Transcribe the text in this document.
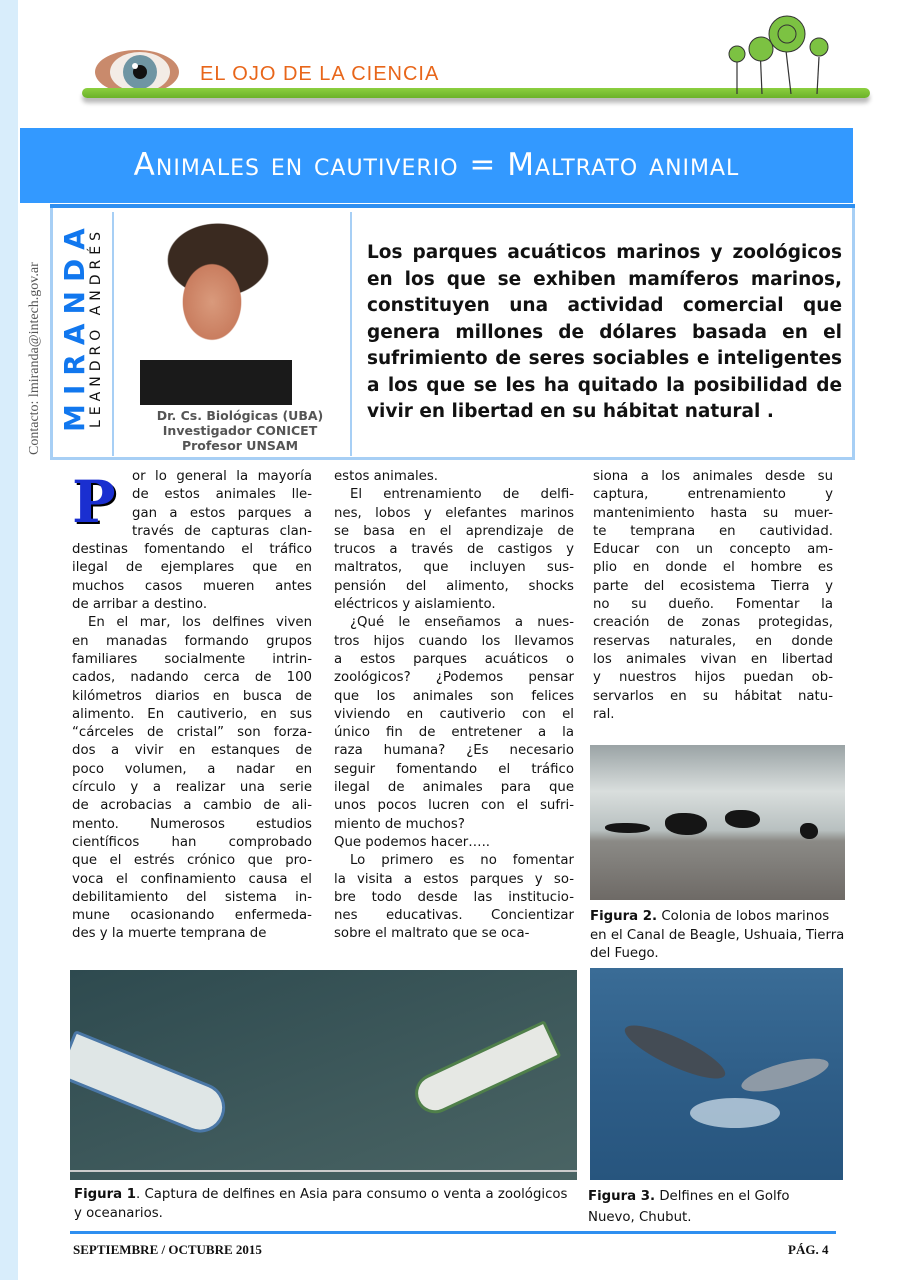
EL OJO DE LA CIENCIA
Animales en cautiverio = Maltrato animal
Contacto: lmiranda@intech.gov.ar MIRANDA
LEANDRO ANDRÉS	Dr. Cs. Biológicas (UBA)
Investigador CONICET
Profesor UNSAM
Los parques acuáticos marinos y zoológicos en los que se exhiben mamíferos marinos, constituyen una actividad comercial que genera millones de dólares basada en el sufrimiento de seres sociables e inteligentes a los que se les ha quitado la posibilidad de vivir en libertad en su hábitat natural .
P or lo general la mayoría
de estos animales lle-
gan a estos parques a
través de capturas clan-
destinas fomentando el tráfico
ilegal de ejemplares que en
muchos casos mueren antes
de arribar a destino.
En el mar, los delfines viven
en manadas formando grupos
familiares socialmente intrin-
cados, nadando cerca de 100
kilómetros diarios en busca de
alimento. En cautiverio, en sus
“cárceles de cristal” son forza-
dos a vivir en estanques de
poco volumen, a nadar en
círculo y a realizar una serie
de acrobacias a cambio de ali-
mento. Numerosos estudios
científicos han comprobado
que el estrés crónico que pro-
voca el confinamiento causa el
debilitamiento del sistema in-
mune ocasionando enfermeda-
des y la muerte temprana de
estos animales.
El entrenamiento de delfi-
nes, lobos y elefantes marinos
se basa en el aprendizaje de
trucos a través de castigos y
maltratos, que incluyen sus-
pensión del alimento, shocks
eléctricos y aislamiento.
¿Qué le enseñamos a nues-
tros hijos cuando los llevamos
a estos parques acuáticos o
zoológicos? ¿Podemos pensar
que los animales son felices
viviendo en cautiverio con el
único fin de entretener a la
raza humana? ¿Es necesario
seguir fomentando el tráfico
ilegal de animales para que
unos pocos lucren con el sufri-
miento de muchos?
Que podemos hacer…..
Lo primero es no fomentar
la visita a estos parques y so-
bre todo desde las institucio-
nes educativas. Concientizar
sobre el maltrato que se oca-
siona a los animales desde su
captura, entrenamiento y
mantenimiento hasta su muer-
te temprana en cautividad.
Educar con un concepto am-
plio en donde el hombre es
parte del ecosistema Tierra y
no su dueño. Fomentar la
creación de zonas protegidas,
reservas naturales, en donde
los animales vivan en libertad
y nuestros hijos puedan ob-
servarlos en su hábitat natu-
ral.
Figura 2. Colonia de lobos marinos en el Canal de Beagle, Ushuaia, Tierra del Fuego.
Figura 1. Captura de delfines en Asia para consumo o venta a zoológicos y oceanarios.
Figura 3. Delfines en el Golfo Nuevo, Chubut.
SEPTIEMBRE / OCTUBRE 2015	PÁG. 4
